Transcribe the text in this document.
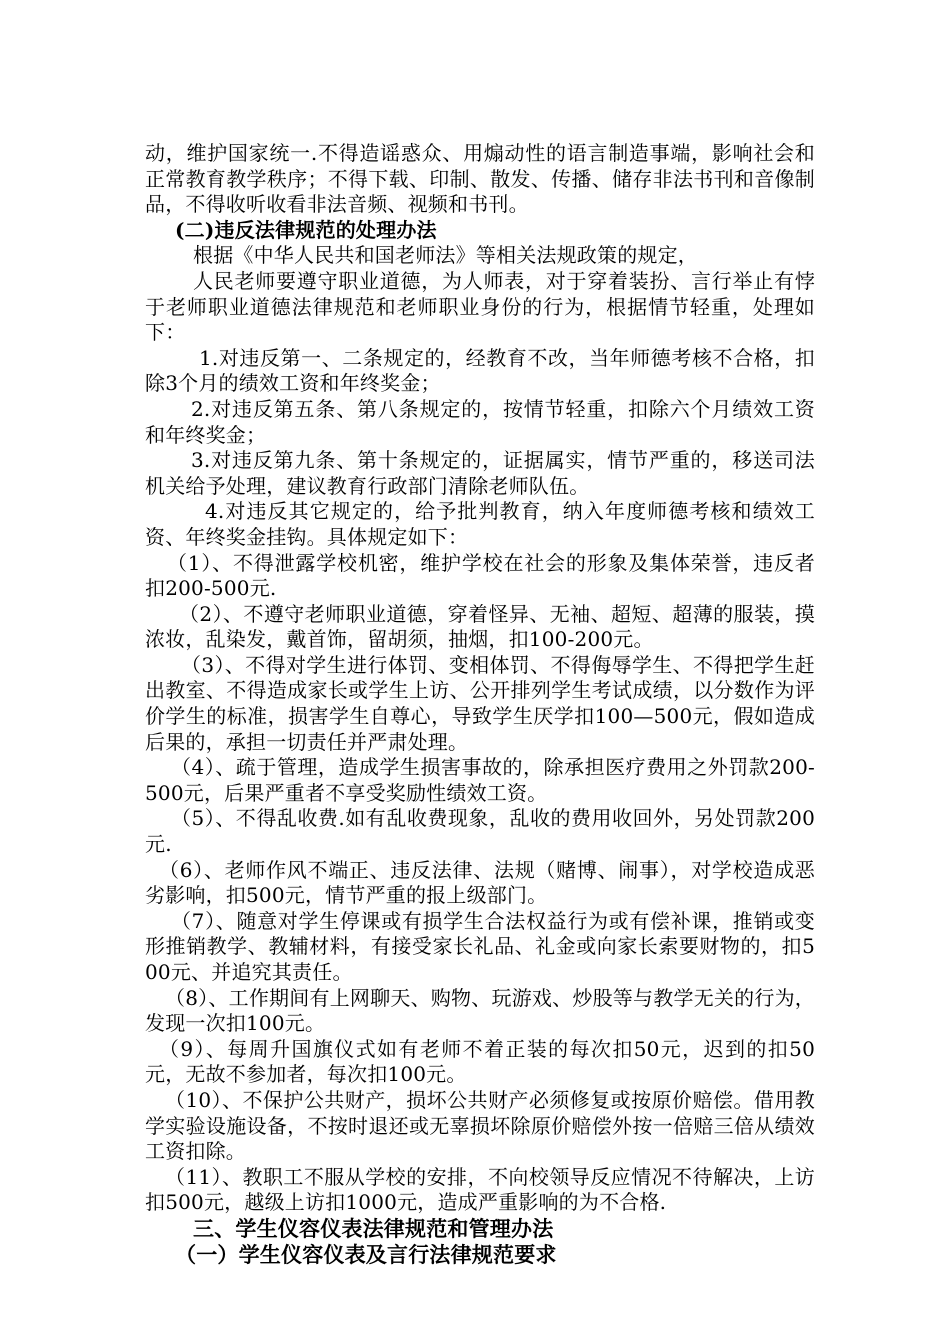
动，维护国家统一.不得造谣惑众、用煽动性的语言制造事端，影响社会和正常教育教学秩序；不得下载、印制、散发、传播、储存非法书刊和音像制品，不得收听收看非法音频、视频和书刊。

(二)违反法律规范的处理办法

根据《中华人民共和国老师法》等相关法规政策的规定，

人民老师要遵守职业道德，为人师表，对于穿着装扮、言行举止有悖于老师职业道德法律规范和老师职业身份的行为，根据情节轻重，处理如下：

1.对违反第一、二条规定的，经教育不改，当年师德考核不合格，扣除3个月的绩效工资和年终奖金；

2.对违反第五条、第八条规定的，按情节轻重，扣除六个月绩效工资和年终奖金；

3.对违反第九条、第十条规定的，证据属实，情节严重的，移送司法机关给予处理，建议教育行政部门清除老师队伍。

4.对违反其它规定的，给予批判教育，纳入年度师德考核和绩效工资、年终奖金挂钩。具体规定如下：

（1）、不得泄露学校机密，维护学校在社会的形象及集体荣誉，违反者扣200-500元.

（2）、不遵守老师职业道德，穿着怪异、无袖、超短、超薄的服装，摸浓妆，乱染发，戴首饰，留胡须，抽烟，扣100-200元。

（3）、不得对学生进行体罚、变相体罚、不得侮辱学生、不得把学生赶出教室、不得造成家长或学生上访、公开排列学生考试成绩，以分数作为评价学生的标准，损害学生自尊心，导致学生厌学扣100—500元，假如造成后果的，承担一切责任并严肃处理。

（4）、疏于管理，造成学生损害事故的，除承担医疗费用之外罚款200-500元，后果严重者不享受奖励性绩效工资。

（5）、不得乱收费.如有乱收费现象，乱收的费用收回外，另处罚款200元.

（6）、老师作风不端正、违反法律、法规（赌博、闹事），对学校造成恶劣影响，扣500元，情节严重的报上级部门。

（7）、随意对学生停课或有损学生合法权益行为或有偿补课，推销或变形推销教学、教辅材料，有接受家长礼品、礼金或向家长索要财物的，扣500元、并追究其责任。

（8）、工作期间有上网聊天、购物、玩游戏、炒股等与教学无关的行为，发现一次扣100元。

（9）、每周升国旗仪式如有老师不着正装的每次扣50元，迟到的扣50元，无故不参加者，每次扣100元。

（10）、不保护公共财产，损坏公共财产必须修复或按原价赔偿。借用教学实验设施设备，不按时退还或无辜损坏除原价赔偿外按一倍赔三倍从绩效工资扣除。

（11）、教职工不服从学校的安排，不向校领导反应情况不待解决，上访扣500元，越级上访扣1000元，造成严重影响的为不合格.

三、学生仪容仪表法律规范和管理办法

（一）学生仪容仪表及言行法律规范要求
